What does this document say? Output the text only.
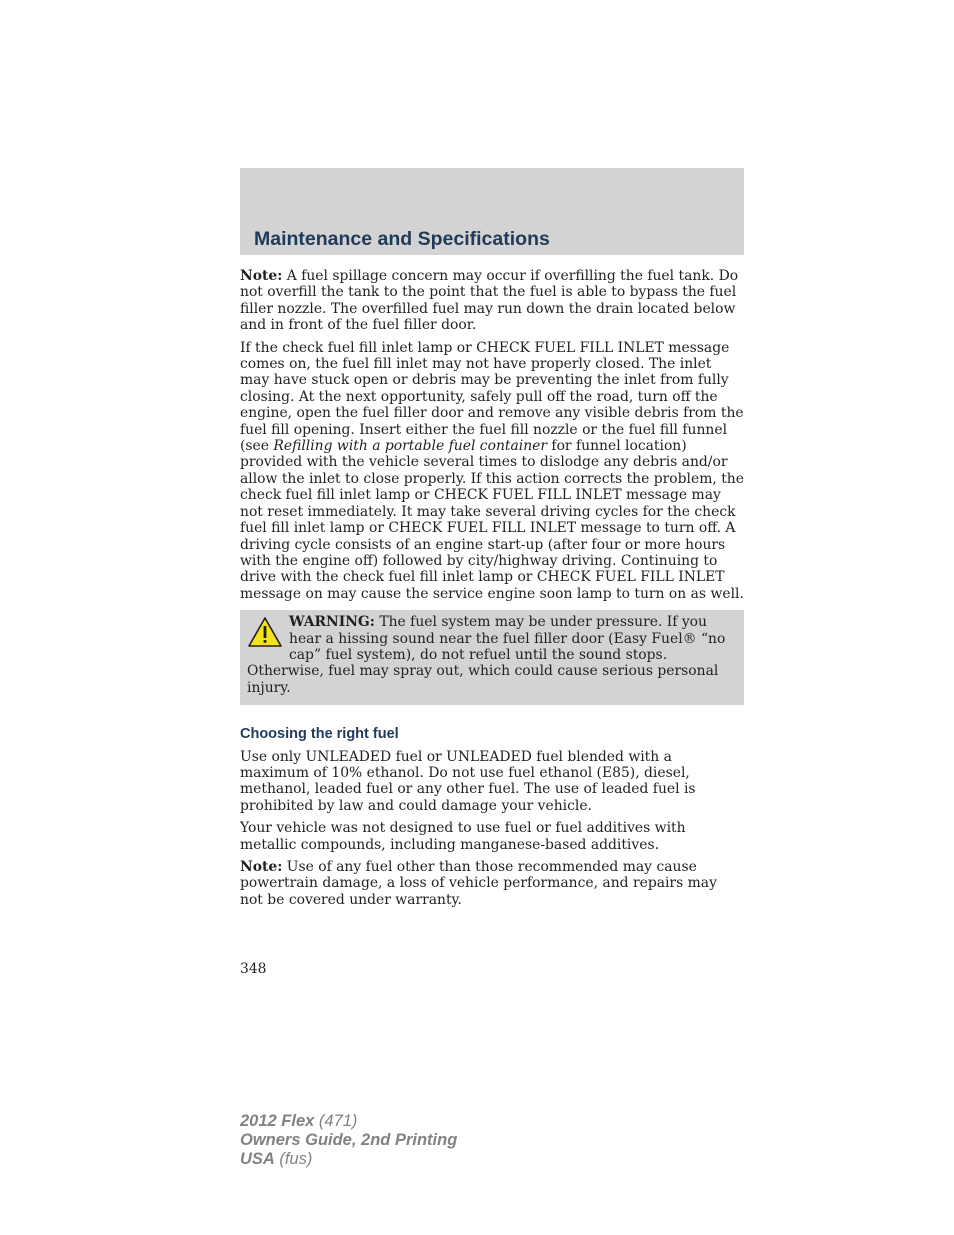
Maintenance and Specifications

Note: A fuel spillage concern may occur if overfilling the fuel tank. Do not overfill the tank to the point that the fuel is able to bypass the fuel filler nozzle. The overfilled fuel may run down the drain located below and in front of the fuel filler door.

If the check fuel fill inlet lamp or CHECK FUEL FILL INLET message comes on, the fuel fill inlet may not have properly closed. The inlet may have stuck open or debris may be preventing the inlet from fully closing. At the next opportunity, safely pull off the road, turn off the engine, open the fuel filler door and remove any visible debris from the fuel fill opening. Insert either the fuel fill nozzle or the fuel fill funnel (see Refilling with a portable fuel container for funnel location) provided with the vehicle several times to dislodge any debris and/or allow the inlet to close properly. If this action corrects the problem, the check fuel fill inlet lamp or CHECK FUEL FILL INLET message may not reset immediately. It may take several driving cycles for the check fuel fill inlet lamp or CHECK FUEL FILL INLET message to turn off. A driving cycle consists of an engine start-up (after four or more hours with the engine off) followed by city/highway driving. Continuing to drive with the check fuel fill inlet lamp or CHECK FUEL FILL INLET message on may cause the service engine soon lamp to turn on as well.

WARNING: The fuel system may be under pressure. If you hear a hissing sound near the fuel filler door (Easy Fuel® “no cap” fuel system), do not refuel until the sound stops. Otherwise, fuel may spray out, which could cause serious personal injury.
Choosing the right fuel

Use only UNLEADED fuel or UNLEADED fuel blended with a maximum of 10% ethanol. Do not use fuel ethanol (E85), diesel, methanol, leaded fuel or any other fuel. The use of leaded fuel is prohibited by law and could damage your vehicle.

Your vehicle was not designed to use fuel or fuel additives with metallic compounds, including manganese-based additives.

Note: Use of any fuel other than those recommended may cause powertrain damage, a loss of vehicle performance, and repairs may not be covered under warranty.

348
2012 Flex (471)
Owners Guide, 2nd Printing
USA (fus)
